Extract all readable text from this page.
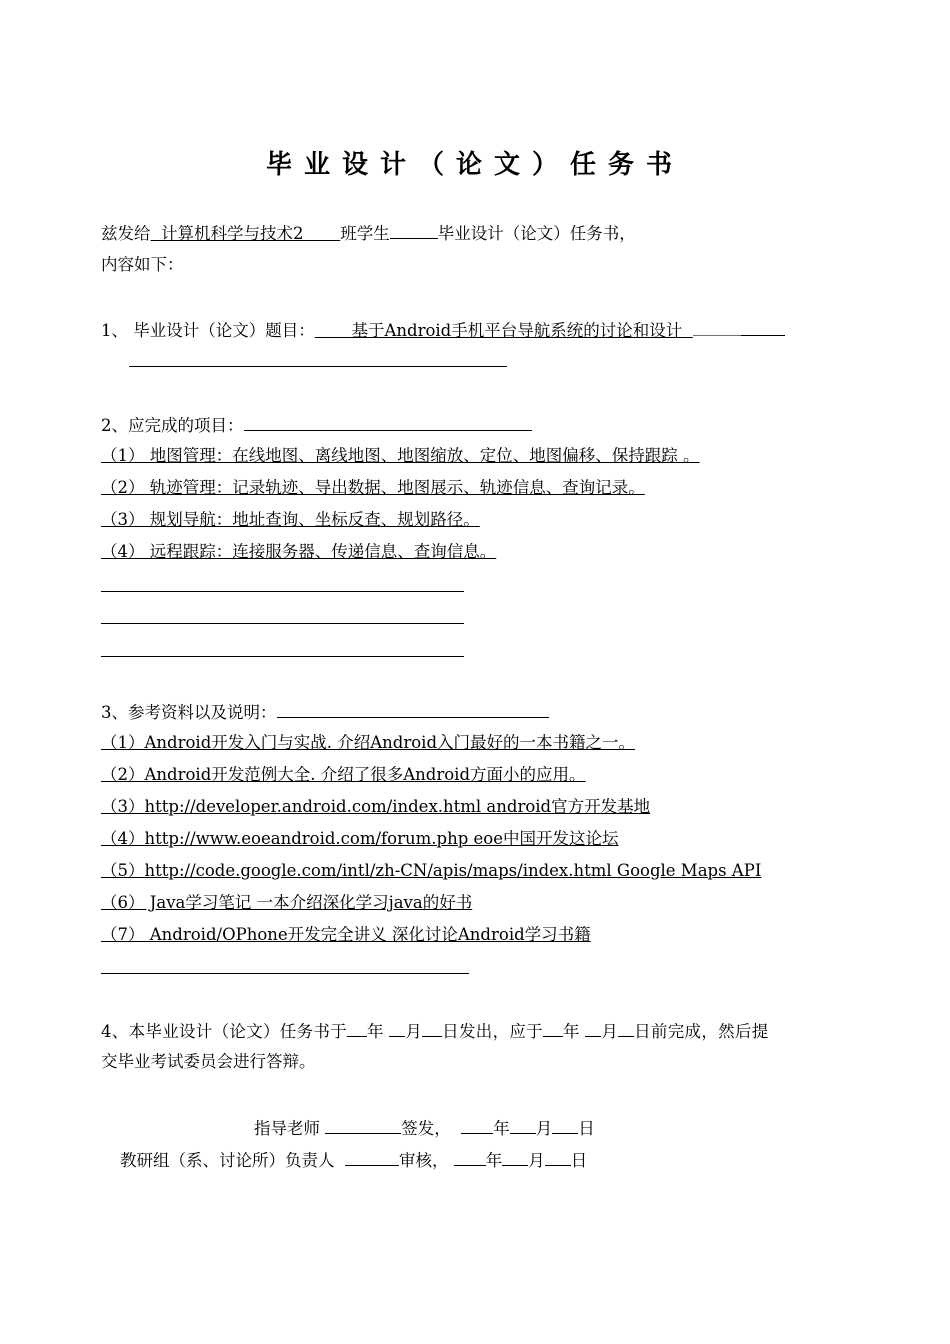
毕业设计（论文）任务书
兹发给 计算机科学与技术2 班学生	毕业设计（论文）任务书，
内容如下：
1、 毕业设计（论文）题目： 基于Android手机平台导航系统的讨论和设计
2、应完成的项目：
（1） 地图管理：在线地图、离线地图、地图缩放、定位、地图偏移、保持跟踪 。
（2） 轨迹管理：记录轨迹、导出数据、地图展示、轨迹信息、查询记录。
（3） 规划导航：地址查询、坐标反查、规划路径。
（4） 远程跟踪：连接服务器、传递信息、查询信息。
3、参考资料以及说明：
（1）Android开发入门与实战. 介绍Android入门最好的一本书籍之一。
（2）Android开发范例大全. 介绍了很多Android方面小的应用。
（3）http://developer.android.com/index.html android官方开发基地
（4）http://www.eoeandroid.com/forum.php eoe中国开发这论坛
（5）http://code.google.com/intl/zh-CN/apis/maps/index.html Google Maps API
（6） Java学习笔记 一本介绍深化学习java的好书
（7） Android/OPhone开发完全讲义 深化讨论Android学习书籍
4、本毕业设计（论文）任务书于 年 月 日发出，应于 年 月 日前完成，然后提
交毕业考试委员会进行答辩。
指导老师	签发，	年 月 日
教研组（系、讨论所）负责人	审核， 年 月 日
